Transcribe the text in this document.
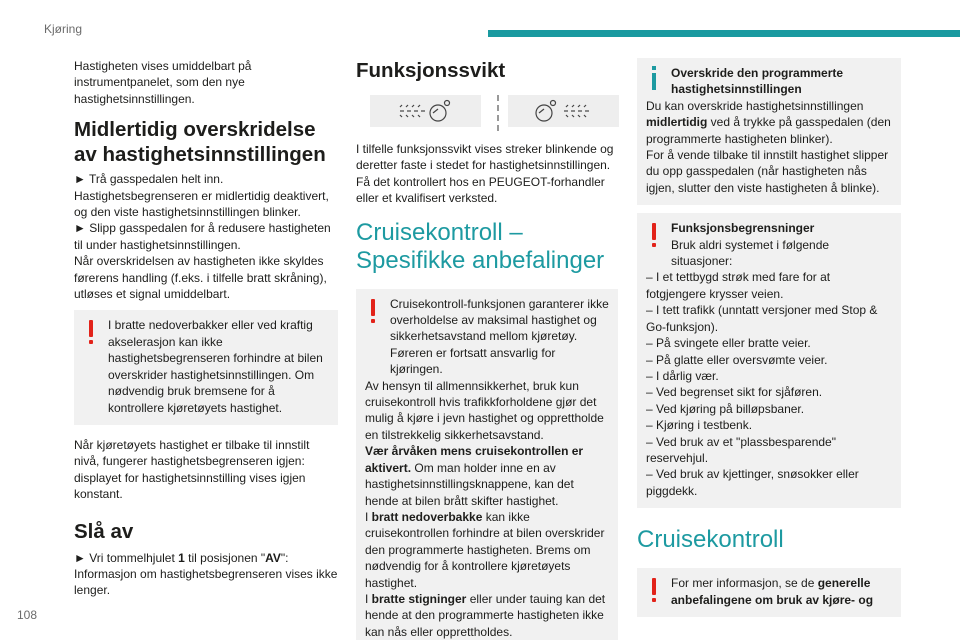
Kjøring

Hastigheten vises umiddelbart på instrumentpanelet, som den nye hastighetsinnstillingen.

Midlertidig overskridelse av hastighetsinnstillingen

► Trå gasspedalen helt inn.

Hastighetsbegrenseren er midlertidig deaktivert, og den viste hastighetsinnstillingen blinker.

► Slipp gasspedalen for å redusere hastigheten til under hastighetsinnstillingen.

Når overskridelsen av hastigheten ikke skyldes førerens handling (f.eks. i tilfelle bratt skråning), utløses et signal umiddelbart.

I bratte nedoverbakker eller ved kraftig akselerasjon kan ikke hastighetsbegrenseren forhindre at bilen overskrider hastighetsinnstillingen. Om nødvendig bruk bremsene for å kontrollere kjøretøyets hastighet.

Når kjøretøyets hastighet er tilbake til innstilt nivå, fungerer hastighetsbegrenseren igjen: displayet for hastighetsinnstilling vises igjen konstant.

Slå av

► Vri tommelhjulet 1 til posisjonen "AV": Informasjon om hastighetsbegrenseren vises ikke lenger.

Funksjonssvikt

I tilfelle funksjonssvikt vises streker blinkende og deretter faste i stedet for hastighetsinnstillingen. Få det kontrollert hos en PEUGEOT-forhandler eller et kvalifisert verksted.

Cruisekontroll – Spesifikke anbefalinger

Cruisekontroll-funksjonen garanterer ikke overholdelse av maksimal hastighet og sikkerhetsavstand mellom kjøretøy. Føreren er fortsatt ansvarlig for kjøringen.

Av hensyn til allmennsikkerhet, bruk kun cruisekontroll hvis trafikkforholdene gjør det mulig å kjøre i jevn hastighet og opprettholde en tilstrekkelig sikkerhetsavstand.

Vær årvåken mens cruisekontrollen er aktivert. Om man holder inne en av hastighetsinnstillingsknappene, kan det hende at bilen brått skifter hastighet.

I bratt nedoverbakke kan ikke cruisekontrollen forhindre at bilen overskrider den programmerte hastigheten. Brems om nødvendig for å kontrollere kjøretøyets hastighet.

I bratte stigninger eller under tauing kan det hende at den programmerte hastigheten ikke kan nås eller opprettholdes.

Overskride den programmerte hastighetsinnstillingen

Du kan overskride hastighetsinnstillingen midlertidig ved å trykke på gasspedalen (den programmerte hastigheten blinker).

For å vende tilbake til innstilt hastighet slipper du opp gasspedalen (når hastigheten nås igjen, slutter den viste hastigheten å blinke).

Funksjonsbegrensninger

Bruk aldri systemet i følgende situasjoner:

– I et tettbygd strøk med fare for at fotgjengere krysser veien.

– I tett trafikk (unntatt versjoner med Stop & Go-funksjon).

– På svingete eller bratte veier.

– På glatte eller oversvømte veier.

– I dårlig vær.

– Ved begrenset sikt for sjåføren.

– Ved kjøring på billøpsbaner.

– Kjøring i testbenk.

– Ved bruk av et "plassbesparende" reservehjul.

– Ved bruk av kjettinger, snøsokker eller piggdekk.

Cruisekontroll

For mer informasjon, se de generelle anbefalingene om bruk av kjøre- og

108
